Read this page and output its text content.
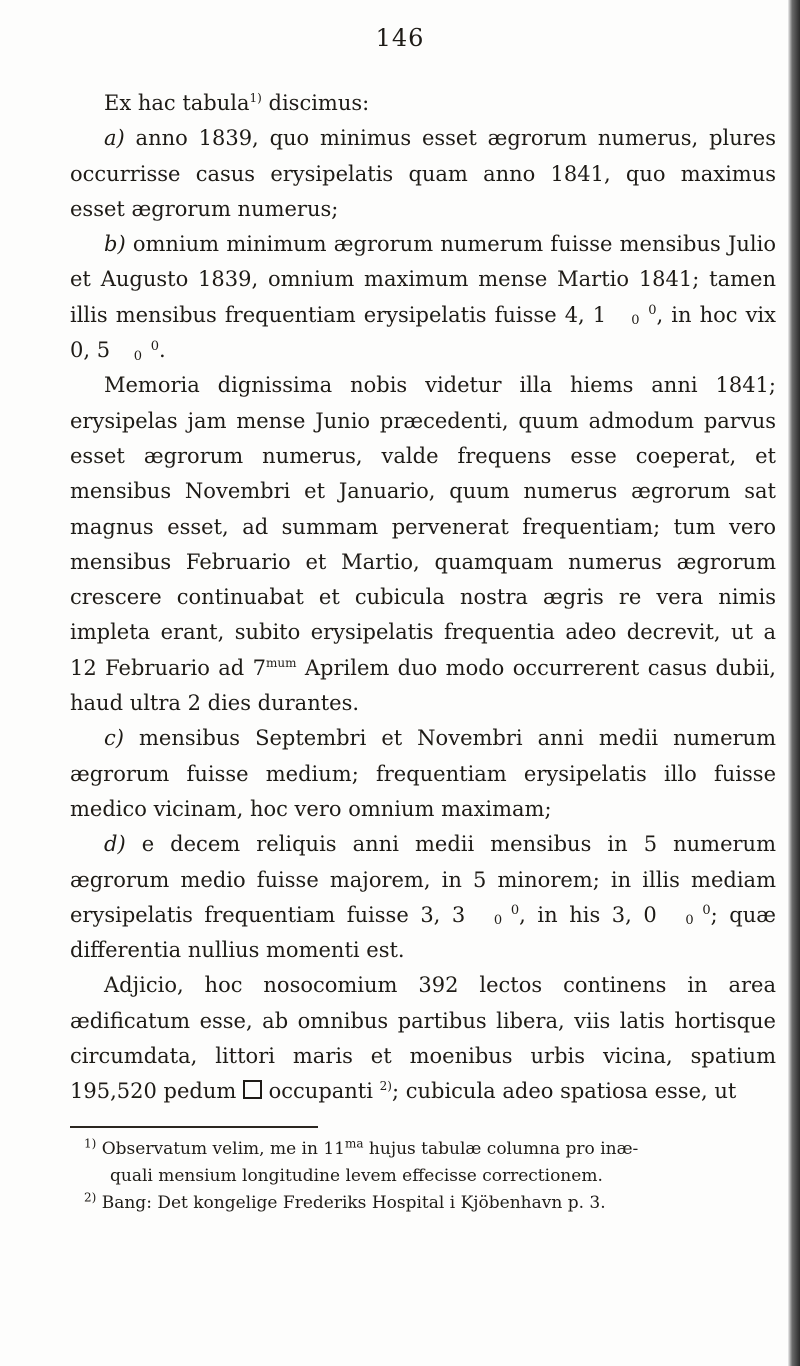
146

Ex hac tabula$^{1)}$ discimus:

a) anno 1839, quo minimus esset ægrorum numerus, plures occurrisse casus erysipelatis quam anno 1841, quo maximus esset ægrorum numerus;

b) omnium minimum ægrorum numerum fuisse mensibus Julio et Augusto 1839, omnium maximum mense Martio 1841; tamen illis mensibus frequentiam erysipelatis fuisse 4, 1	0
0 , in hoc vix 0, 5	0
0 .

Memoria dignissima nobis videtur illa hiems anni 1841; erysipelas jam mense Junio præcedenti, quum admodum parvus esset ægrorum numerus, valde frequens esse coeperat, et mensibus Novembri et Januario, quum numerus ægrorum sat magnus esset, ad summam pervenerat frequentiam; tum vero mensibus Februario et Martio, quamquam numerus ægrorum crescere continuabat et cubicula nostra ægris re vera nimis impleta erant, subito erysipelatis frequentia adeo decrevit, ut a 12 Februario ad $7^{mum}$ Aprilem duo modo occurrerent casus dubii, haud ultra 2 dies durantes.

c) mensibus Septembri et Novembri anni medii numerum ægrorum fuisse medium; frequentiam erysipelatis illo fuisse medico vicinam, hoc vero omnium maximam;

d) e decem reliquis anni medii mensibus in 5 numerum ægrorum medio fuisse majorem, in 5 minorem; in illis mediam erysipelatis frequentiam fuisse 3, 3	0
0 , in his 3, 0	0
0 ; quæ differentia nullius momenti est.

Adjicio, hoc nosocomium 392 lectos continens in area ædificatum esse, ab omnibus partibus libera, viis latis hortisque circumdata, littori maris et moenibus urbis vicina, spatium 195,520 pedum  occupanti $^{2)}$; cubicula adeo spatiosa esse, ut

$^{1)}$ Observatum velim, me in $11^{ma}$ hujus tabulæ columna pro inæ-
quali mensium longitudine levem effecisse correctionem.

$^{2)}$ Bang: Det kongelige Frederiks Hospital i Kjöbenhavn p. 3.
